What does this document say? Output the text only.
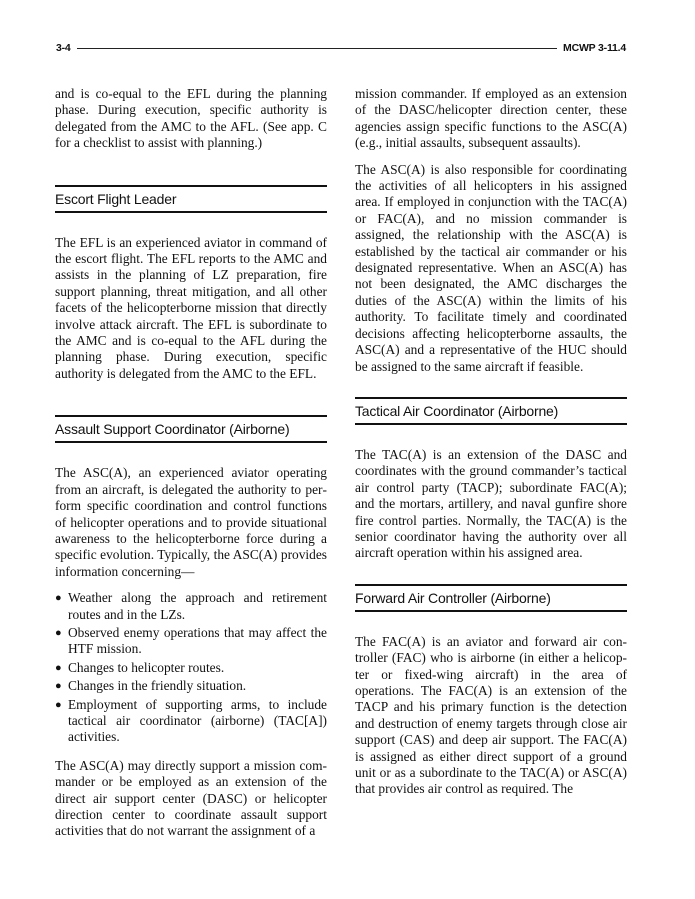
3-4	MCWP 3-11.4

and is co-equal to the EFL during the planning phase. During execution, specific authority is delegated from the AMC to the AFL. (See app. C for a checklist to assist with planning.)

Escort Flight Leader

The EFL is an experienced aviator in command of the escort flight. The EFL reports to the AMC and assists in the planning of LZ preparation, fire support planning, threat mitigation, and all other facets of the helicopterborne mission that directly involve attack aircraft. The EFL is subordinate to the AMC and is co-equal to the AFL during the planning phase. During execution, specific authority is delegated from the AMC to the EFL.

Assault Support Coordinator (Airborne)

The ASC(A), an experienced aviator operating from an aircraft, is delegated the authority to perform specific coordination and control functions of helicopter operations and to provide situational awareness to the helicopterborne force during a specific evolution. Typically, the ASC(A) provides information concerning—

● Weather along the approach and retirement routes and in the LZs.
● Observed enemy operations that may affect the HTF mission.
● Changes to helicopter routes.
● Changes in the friendly situation.
● Employment of supporting arms, to include tactical air coordinator (airborne) (TAC[A]) activities.

The ASC(A) may directly support a mission commander or be employed as an extension of the direct air support center (DASC) or helicopter direction center to coordinate assault support activities that do not warrant the assignment of a

mission commander. If employed as an extension of the DASC/helicopter direction center, these agencies assign specific functions to the ASC(A) (e.g., initial assaults, subsequent assaults).

The ASC(A) is also responsible for coordinating the activities of all helicopters in his assigned area. If employed in conjunction with the TAC(A) or FAC(A), and no mission commander is assigned, the relationship with the ASC(A) is established by the tactical air commander or his designated representative. When an ASC(A) has not been designated, the AMC discharges the duties of the ASC(A) within the limits of his authority. To facilitate timely and coordinated decisions affecting helicopterborne assaults, the ASC(A) and a representative of the HUC should be assigned to the same aircraft if feasible.

Tactical Air Coordinator (Airborne)

The TAC(A) is an extension of the DASC and coordinates with the ground commander’s tactical air control party (TACP); subordinate FAC(A); and the mortars, artillery, and naval gunfire shore fire control parties. Normally, the TAC(A) is the senior coordinator having the authority over all aircraft operation within his assigned area.

Forward Air Controller (Airborne)

The FAC(A) is an aviator and forward air controller (FAC) who is airborne (in either a helicopter or fixed-wing aircraft) in the area of operations. The FAC(A) is an extension of the TACP and his primary function is the detection and destruction of enemy targets through close air support (CAS) and deep air support. The FAC(A) is assigned as either direct support of a ground unit or as a subordinate to the TAC(A) or ASC(A) that provides air control as required. The
